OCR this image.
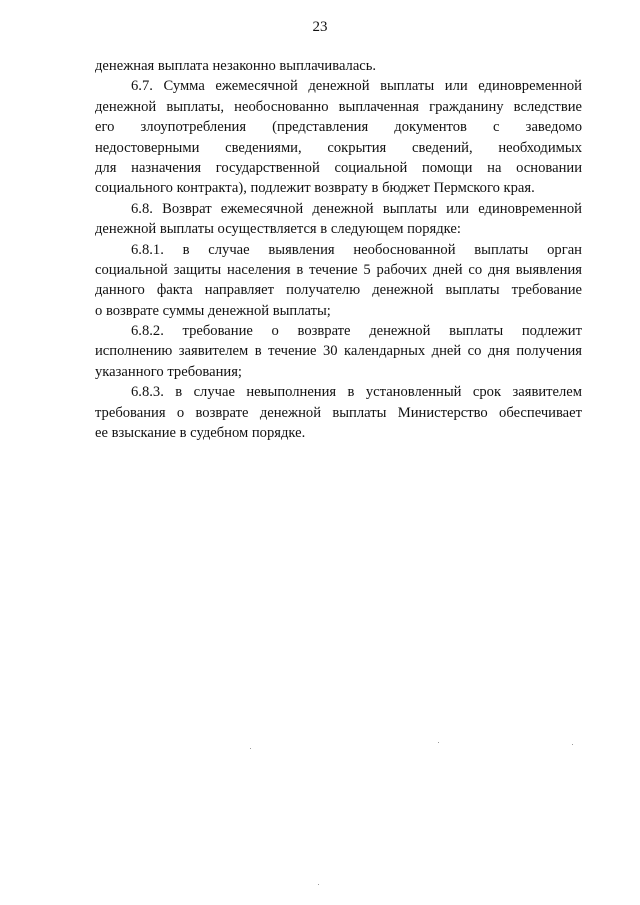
23
денежная выплата незаконно выплачивалась.
6.7. Сумма ежемесячной денежной выплаты или единовременной
денежной выплаты, необоснованно выплаченная гражданину вследствие
его злоупотребления (представления документов с заведомо
недостоверными сведениями, сокрытия сведений, необходимых
для назначения государственной социальной помощи на основании
социального контракта), подлежит возврату в бюджет Пермского края.
6.8. Возврат ежемесячной денежной выплаты или единовременной
денежной выплаты осуществляется в следующем порядке:
6.8.1. в случае выявления необоснованной выплаты орган
социальной защиты населения в течение 5 рабочих дней со дня выявления
данного факта направляет получателю денежной выплаты требование
о возврате суммы денежной выплаты;
6.8.2. требование о возврате денежной выплаты подлежит
исполнению заявителем в течение 30 календарных дней со дня получения
указанного требования;
6.8.3. в случае невыполнения в установленный срок заявителем
требования о возврате денежной выплаты Министерство обеспечивает
ее взыскание в судебном порядке.
